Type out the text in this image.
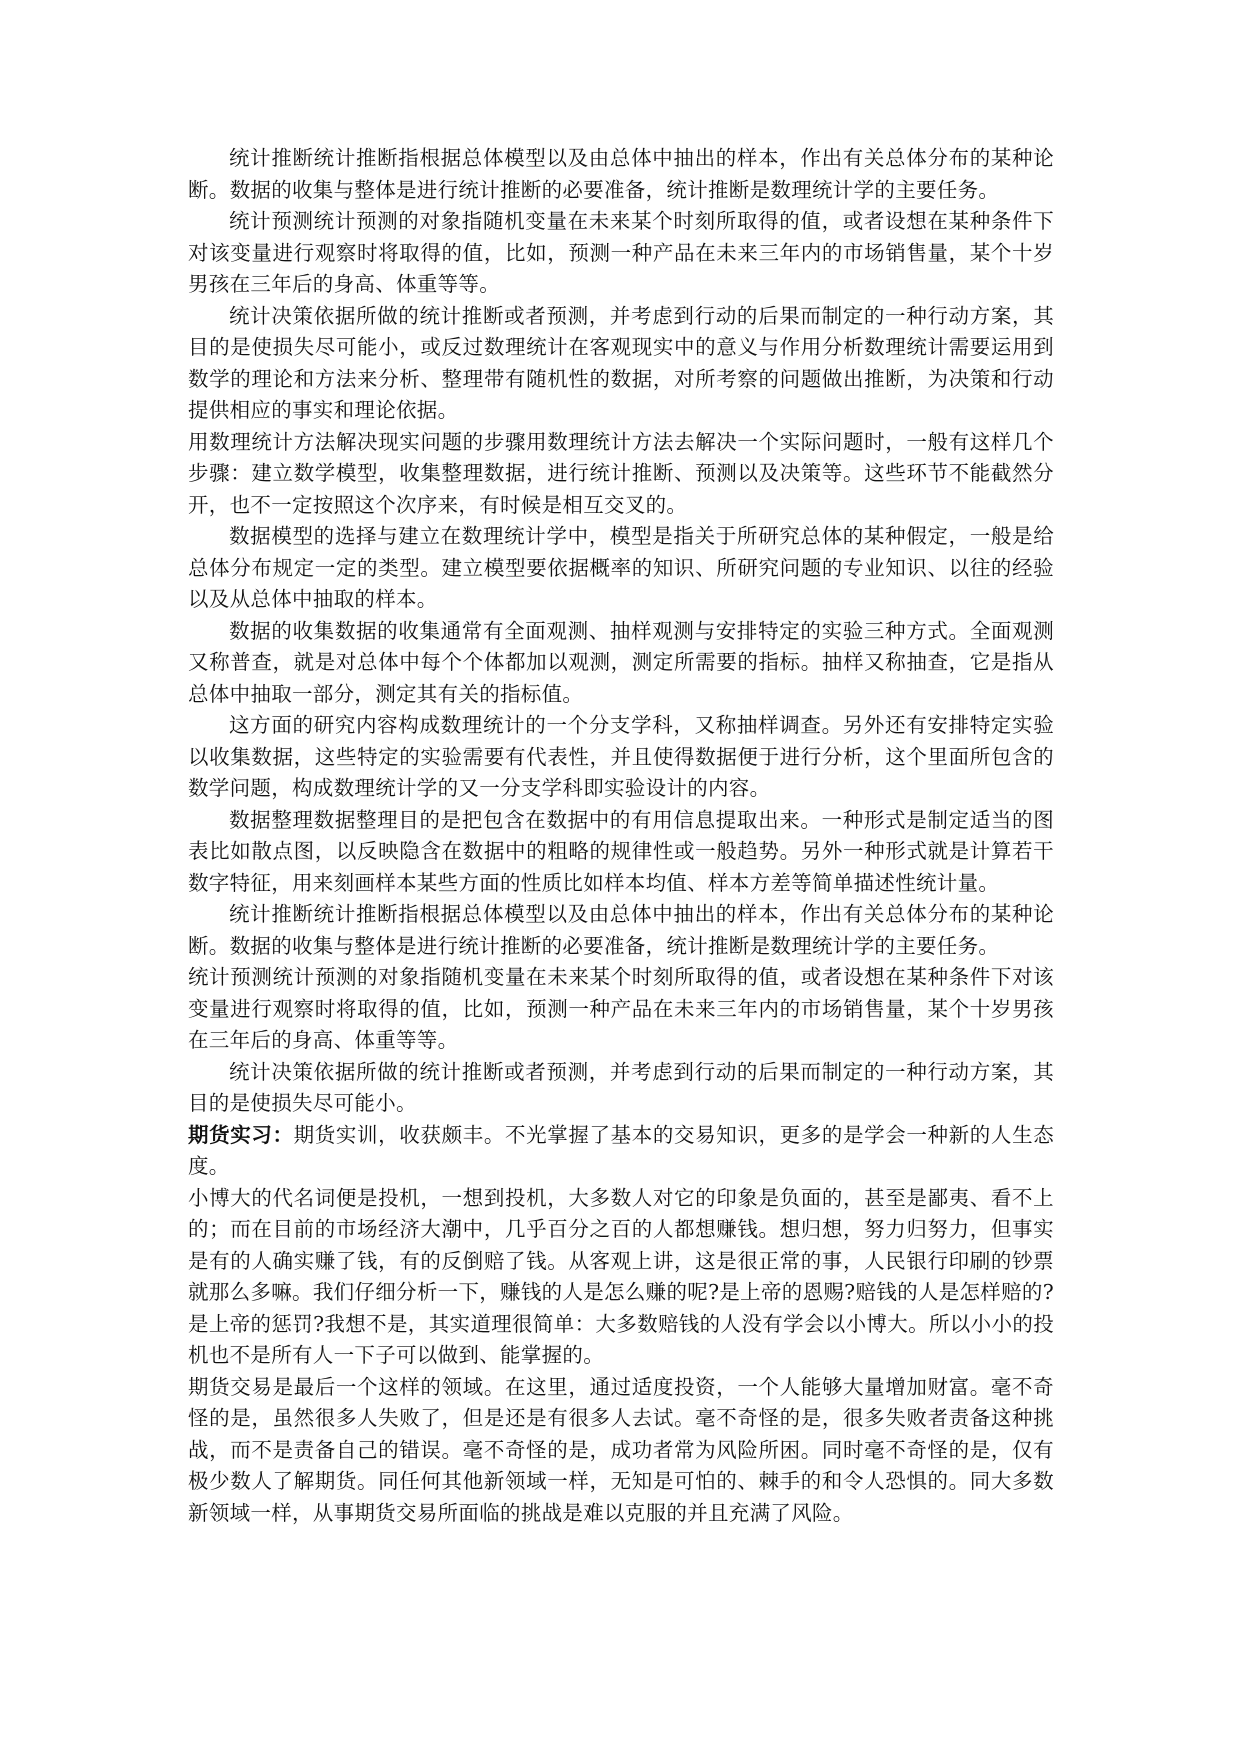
统计推断统计推断指根据总体模型以及由总体中抽出的样本，作出有关总体分布的某种论断。数据的收集与整体是进行统计推断的必要准备，统计推断是数理统计学的主要任务。

统计预测统计预测的对象指随机变量在未来某个时刻所取得的值，或者设想在某种条件下对该变量进行观察时将取得的值，比如，预测一种产品在未来三年内的市场销售量，某个十岁男孩在三年后的身高、体重等等。

统计决策依据所做的统计推断或者预测，并考虑到行动的后果而制定的一种行动方案，其目的是使损失尽可能小，或反过数理统计在客观现实中的意义与作用分析数理统计需要运用到数学的理论和方法来分析、整理带有随机性的数据，对所考察的问题做出推断，为决策和行动提供相应的事实和理论依据。

用数理统计方法解决现实问题的步骤用数理统计方法去解决一个实际问题时，一般有这样几个步骤：建立数学模型，收集整理数据，进行统计推断、预测以及决策等。这些环节不能截然分开，也不一定按照这个次序来，有时候是相互交叉的。

数据模型的选择与建立在数理统计学中，模型是指关于所研究总体的某种假定，一般是给总体分布规定一定的类型。建立模型要依据概率的知识、所研究问题的专业知识、以往的经验以及从总体中抽取的样本。

数据的收集数据的收集通常有全面观测、抽样观测与安排特定的实验三种方式。全面观测又称普查，就是对总体中每个个体都加以观测，测定所需要的指标。抽样又称抽查，它是指从总体中抽取一部分，测定其有关的指标值。

这方面的研究内容构成数理统计的一个分支学科，又称抽样调查。另外还有安排特定实验以收集数据，这些特定的实验需要有代表性，并且使得数据便于进行分析，这个里面所包含的数学问题，构成数理统计学的又一分支学科即实验设计的内容。

数据整理数据整理目的是把包含在数据中的有用信息提取出来。一种形式是制定适当的图表比如散点图，以反映隐含在数据中的粗略的规律性或一般趋势。另外一种形式就是计算若干数字特征，用来刻画样本某些方面的性质比如样本均值、样本方差等简单描述性统计量。

统计推断统计推断指根据总体模型以及由总体中抽出的样本，作出有关总体分布的某种论断。数据的收集与整体是进行统计推断的必要准备，统计推断是数理统计学的主要任务。

统计预测统计预测的对象指随机变量在未来某个时刻所取得的值，或者设想在某种条件下对该变量进行观察时将取得的值，比如，预测一种产品在未来三年内的市场销售量，某个十岁男孩在三年后的身高、体重等等。

统计决策依据所做的统计推断或者预测，并考虑到行动的后果而制定的一种行动方案，其目的是使损失尽可能小。

期货实习：期货实训，收获颇丰。不光掌握了基本的交易知识，更多的是学会一种新的人生态度。

小博大的代名词便是投机，一想到投机，大多数人对它的印象是负面的，甚至是鄙夷、看不上的；而在目前的市场经济大潮中，几乎百分之百的人都想赚钱。想归想，努力归努力，但事实是有的人确实赚了钱，有的反倒赔了钱。从客观上讲，这是很正常的事，人民银行印刷的钞票就那么多嘛。我们仔细分析一下，赚钱的人是怎么赚的呢?是上帝的恩赐?赔钱的人是怎样赔的?是上帝的惩罚?我想不是，其实道理很简单：大多数赔钱的人没有学会以小博大。所以小小的投机也不是所有人一下子可以做到、能掌握的。

期货交易是最后一个这样的领域。在这里，通过适度投资，一个人能够大量增加财富。毫不奇怪的是，虽然很多人失败了，但是还是有很多人去试。毫不奇怪的是，很多失败者责备这种挑战，而不是责备自己的错误。毫不奇怪的是，成功者常为风险所困。同时毫不奇怪的是，仅有极少数人了解期货。同任何其他新领域一样，无知是可怕的、棘手的和令人恐惧的。同大多数新领域一样，从事期货交易所面临的挑战是难以克服的并且充满了风险。
